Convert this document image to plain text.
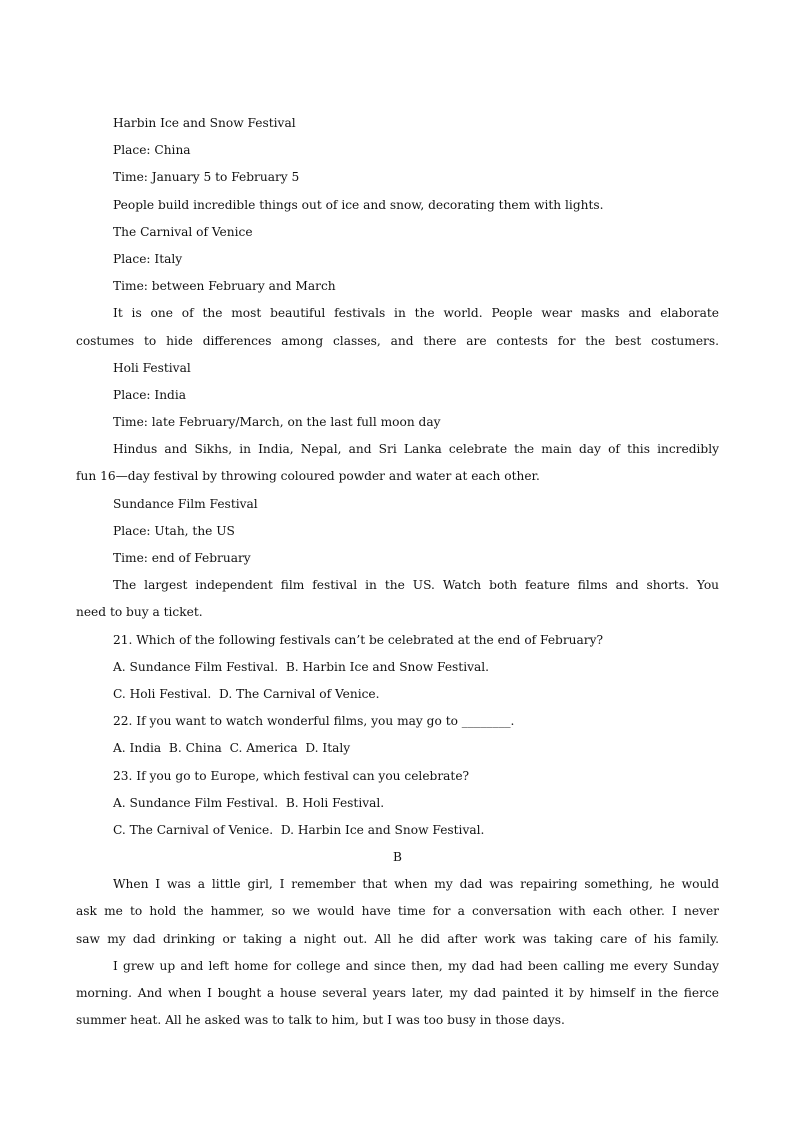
Harbin Ice and Snow Festival
Place: China
Time: January 5 to February 5
People build incredible things out of ice and snow, decorating them with lights.
The Carnival of Venice
Place: Italy
Time: between February and March
It is one of the most beautiful festivals in the world. People wear masks and elaborate
costumes to hide differences among classes, and there are contests for the best costumers.
Holi Festival
Place: India
Time: late February/March, on the last full moon day
Hindus and Sikhs, in India, Nepal, and Sri Lanka celebrate the main day of this incredibly
fun 16—day festival by throwing coloured powder and water at each other.
Sundance Film Festival
Place: Utah, the US
Time: end of February
The largest independent film festival in the US. Watch both feature films and shorts. You
need to buy a ticket.
21. Which of the following festivals can’t be celebrated at the end of February?
A. Sundance Film Festival.  B. Harbin Ice and Snow Festival.
C. Holi Festival.  D. The Carnival of Venice.
22. If you want to watch wonderful films, you may go to ________.
A. India  B. China  C. America  D. Italy
23. If you go to Europe, which festival can you celebrate?
A. Sundance Film Festival.  B. Holi Festival.
C. The Carnival of Venice.  D. Harbin Ice and Snow Festival.
B
When I was a little girl, I remember that when my dad was repairing something, he would
ask me to hold the hammer, so we would have time for a conversation with each other. I never
saw my dad drinking or taking a night out. All he did after work was taking care of his family.
I grew up and left home for college and since then, my dad had been calling me every Sunday
morning. And when I bought a house several years later, my dad painted it by himself in the fierce
summer heat. All he asked was to talk to him, but I was too busy in those days.
